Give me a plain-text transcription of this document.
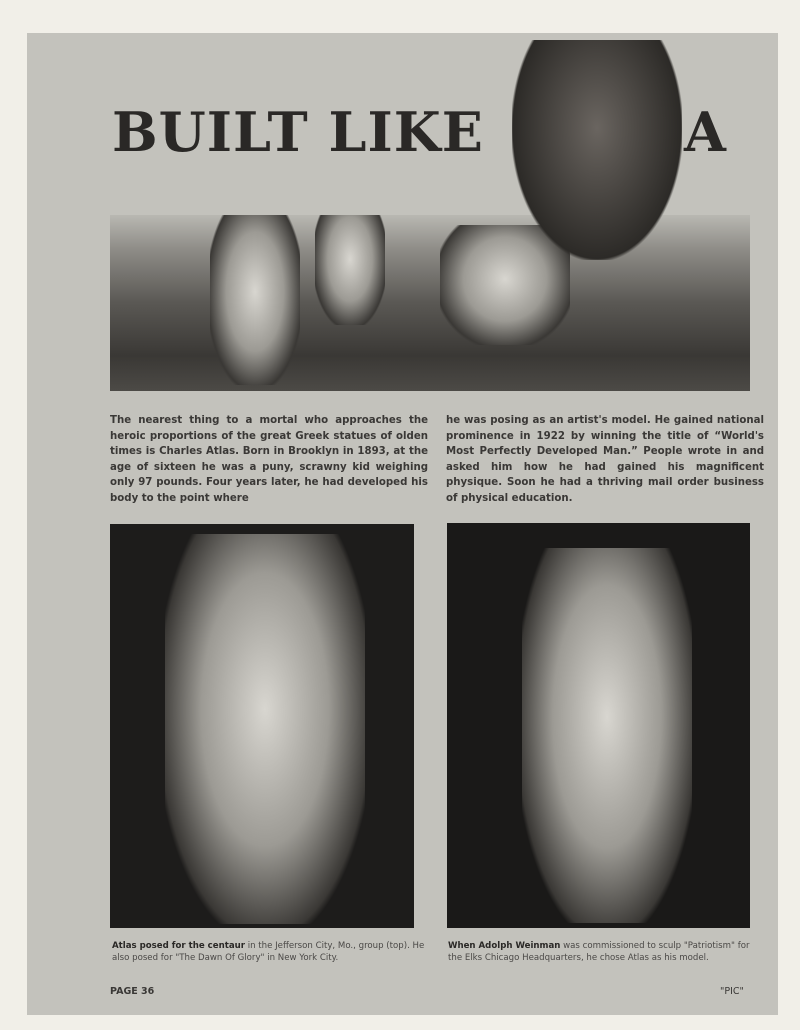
BUILT LIKE	A

The nearest thing to a mortal who approaches the heroic proportions of the great Greek statues of olden times is Charles Atlas. Born in Brooklyn in 1893, at the age of sixteen he was a puny, scrawny kid weighing only 97 pounds. Four years later, he had developed his body to the point where

he was posing as an artist's model. He gained national prominence in 1922 by winning the title of “World's Most Perfectly Developed Man.” People wrote in and asked him how he had gained his magnificent physique. Soon he had a thriving mail order business of physical education.

Atlas posed for the centaur in the Jefferson City, Mo., group (top). He also posed for "The Dawn Of Glory" in New York City.

When Adolph Weinman was commissioned to sculp "Patriotism" for the Elks Chicago Headquarters, he chose Atlas as his model.

PAGE 36	"PIC"
